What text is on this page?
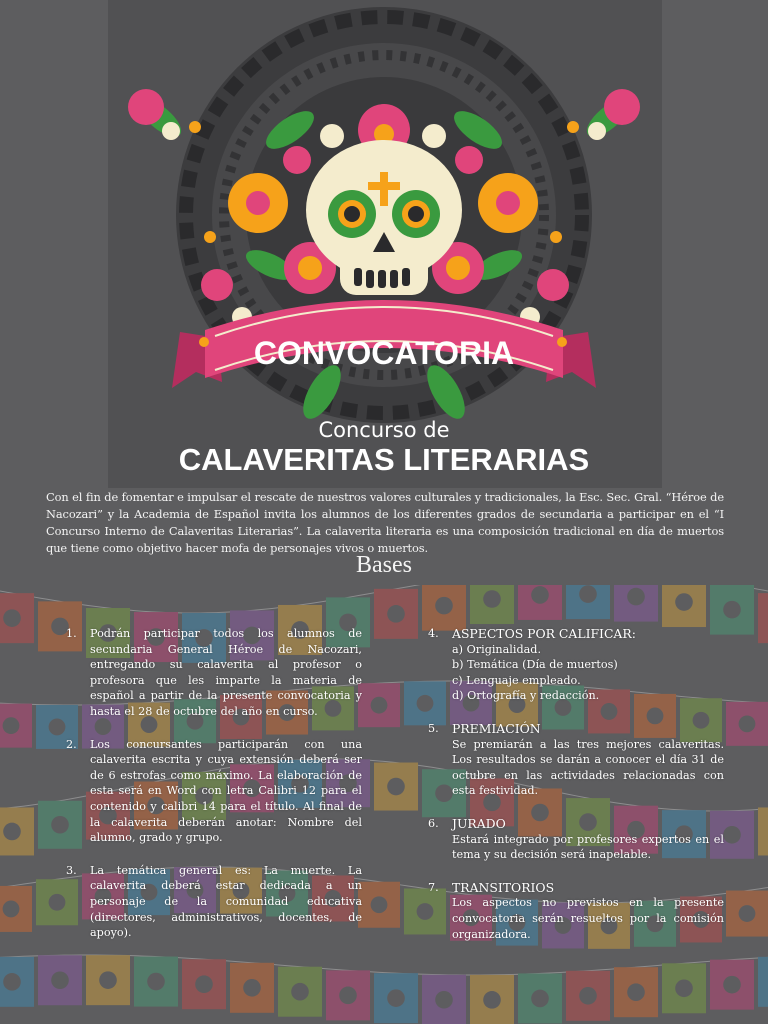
CONVOCATORIA
Concurso de
CALAVERITAS LITERARIAS
Con el fin de fomentar e impulsar el rescate de nuestros valores culturales y tradicionales, la Esc. Sec. Gral. “Héroe de Nacozari” y la Academia de Español invita los alumnos de los diferentes grados de secundaria a participar en el “I Concurso Interno de Calaveritas Literarias”. La calaverita literaria es una composición tradicional en día de muertos que tiene como objetivo hacer mofa de personajes vivos o muertos.
Bases
1.	Podrán participar todos los alumnos de secundaria General Héroe de Nacozari, entregando su calaverita al profesor o profesora que les imparte la materia de español a partir de la presente convocatoria y hasta el 28 de octubre del año en curso.
2.	Los concursantes participarán con una calaverita escrita y cuya extensión deberá ser de 6 estrofas como máximo. La elaboración de esta será en Word con letra Calibri 12 para el contenido y calibri 14 para el título. Al final de la calaverita deberán anotar: Nombre del alumno, grado y grupo.
3.	La temática general es: La muerte. La calaverita deberá estar dedicada a un personaje de la comunidad educativa (directores, administrativos, docentes, de apoyo).
4.	ASPECTOS POR CALIFICAR:
a) Originalidad.
b) Temática (Día de muertos)
c) Lenguaje empleado.
d) Ortografía y redacción.
5.	PREMIACIÓN
Se premiarán a las tres mejores calaveritas. Los resultados se darán a conocer el día 31 de octubre en las actividades relacionadas con esta festividad.
6.	JURADO
Estará integrado por profesores expertos en el tema y su decisión será inapelable.
7.	TRANSITORIOS
Los aspectos no previstos en la presente convocatoria serán resueltos por la comisión organizadora.
